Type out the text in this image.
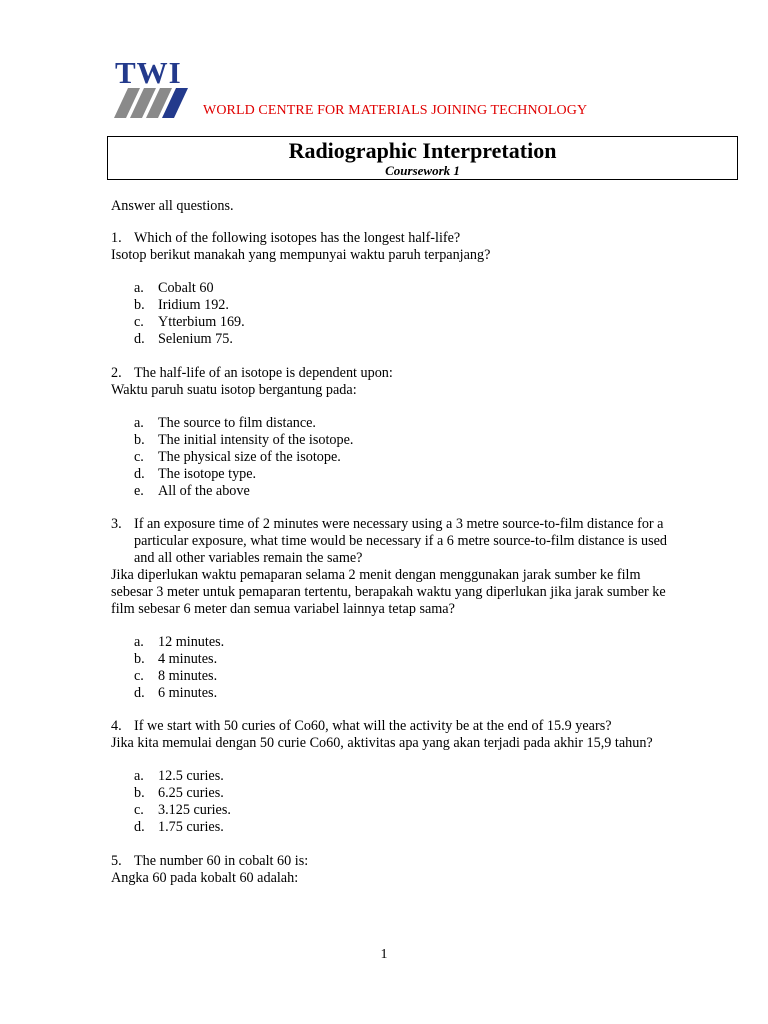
TWI
WORLD CENTRE FOR MATERIALS JOINING TECHNOLOGY
Radiographic Interpretation
Coursework 1
Answer all questions.
1. Which of the following isotopes has the longest half-life?
Isotop berikut manakah yang mempunyai waktu paruh terpanjang?
a. Cobalt 60
b. Iridium 192.
c. Ytterbium 169.
d. Selenium 75.
2. The half-life of an isotope is dependent upon:
Waktu paruh suatu isotop bergantung pada:
a. The source to film distance.
b. The initial intensity of the isotope.
c. The physical size of the isotope.
d. The isotope type.
e. All of the above
3. If an exposure time of 2 minutes were necessary using a 3 metre source-to-film distance for a
particular exposure, what time would be necessary if a 6 metre source-to-film distance is used
and all other variables remain the same?
Jika diperlukan waktu pemaparan selama 2 menit dengan menggunakan jarak sumber ke film
sebesar 3 meter untuk pemaparan tertentu, berapakah waktu yang diperlukan jika jarak sumber ke
film sebesar 6 meter dan semua variabel lainnya tetap sama?
a. 12 minutes.
b. 4 minutes.
c. 8 minutes.
d. 6 minutes.
4. If we start with 50 curies of Co60, what will the activity be at the end of 15.9 years?
Jika kita memulai dengan 50 curie Co60, aktivitas apa yang akan terjadi pada akhir 15,9 tahun?
a. 12.5 curies.
b. 6.25 curies.
c. 3.125 curies.
d. 1.75 curies.
5. The number 60 in cobalt 60 is:
Angka 60 pada kobalt 60 adalah:
1
